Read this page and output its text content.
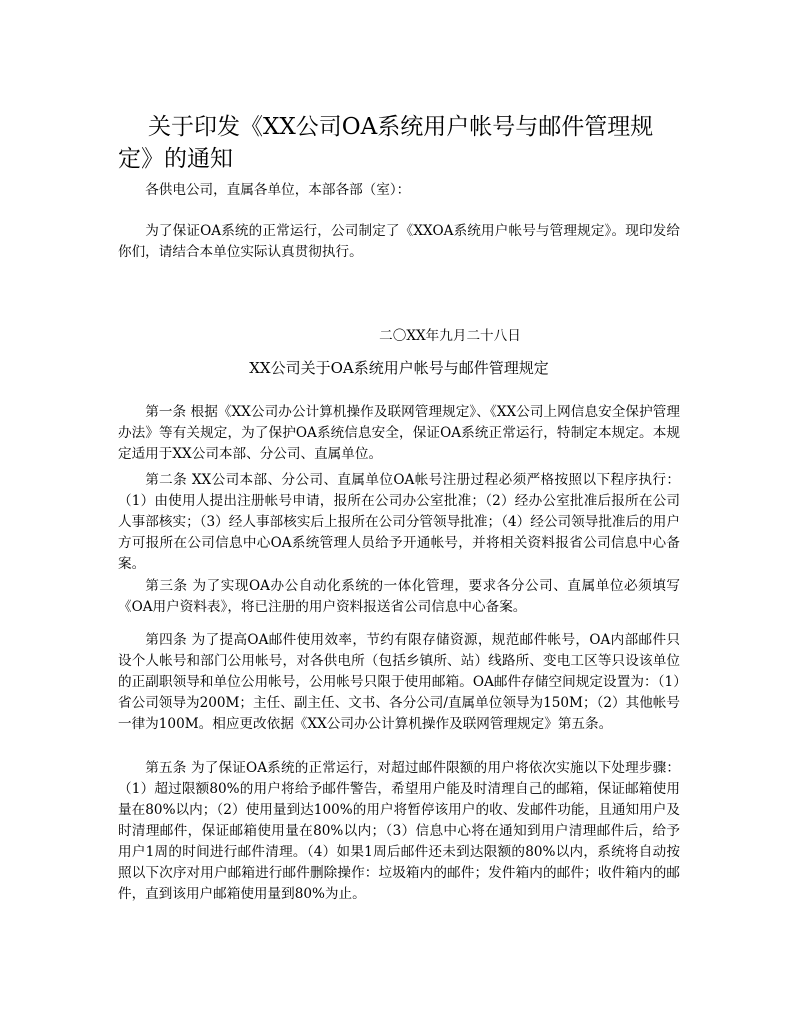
关于印发《XX公司OA系统用户帐号与邮件管理规定》的通知

各供电公司，直属各单位，本部各部（室）：

为了保证OA系统的正常运行，公司制定了《XXOA系统用户帐号与管理规定》。现印发给你们，请结合本单位实际认真贯彻执行。

二〇XX年九月二十八日

XX公司关于OA系统用户帐号与邮件管理规定

第一条 根据《XX公司办公计算机操作及联网管理规定》、《XX公司上网信息安全保护管理办法》等有关规定，为了保护OA系统信息安全，保证OA系统正常运行，特制定本规定。本规定适用于XX公司本部、分公司、直属单位。

第二条 XX公司本部、分公司、直属单位OA帐号注册过程必须严格按照以下程序执行：（1）由使用人提出注册帐号申请，报所在公司办公室批准；（2）经办公室批准后报所在公司人事部核实；（3）经人事部核实后上报所在公司分管领导批准；（4）经公司领导批准后的用户方可报所在公司信息中心OA系统管理人员给予开通帐号，并将相关资料报省公司信息中心备案。

第三条 为了实现OA办公自动化系统的一体化管理，要求各分公司、直属单位必须填写《OA用户资料表》，将已注册的用户资料报送省公司信息中心备案。

第四条 为了提高OA邮件使用效率，节约有限存储资源，规范邮件帐号，OA内部邮件只设个人帐号和部门公用帐号，对各供电所（包括乡镇所、站）线路所、变电工区等只设该单位的正副职领导和单位公用帐号，公用帐号只限于使用邮箱。OA邮件存储空间规定设置为：（1）省公司领导为200M；主任、副主任、文书、各分公司/直属单位领导为150M；（2）其他帐号一律为100M。相应更改依据《XX公司办公计算机操作及联网管理规定》第五条。

第五条 为了保证OA系统的正常运行，对超过邮件限额的用户将依次实施以下处理步骤：（1）超过限额80%的用户将给予邮件警告，希望用户能及时清理自己的邮箱，保证邮箱使用量在80%以内；（2）使用量到达100%的用户将暂停该用户的收、发邮件功能，且通知用户及时清理邮件，保证邮箱使用量在80%以内；（3）信息中心将在通知到用户清理邮件后，给予用户1周的时间进行邮件清理。（4）如果1周后邮件还未到达限额的80%以内，系统将自动按照以下次序对用户邮箱进行邮件删除操作：垃圾箱内的邮件；发件箱内的邮件；收件箱内的邮件，直到该用户邮箱使用量到80%为止。
